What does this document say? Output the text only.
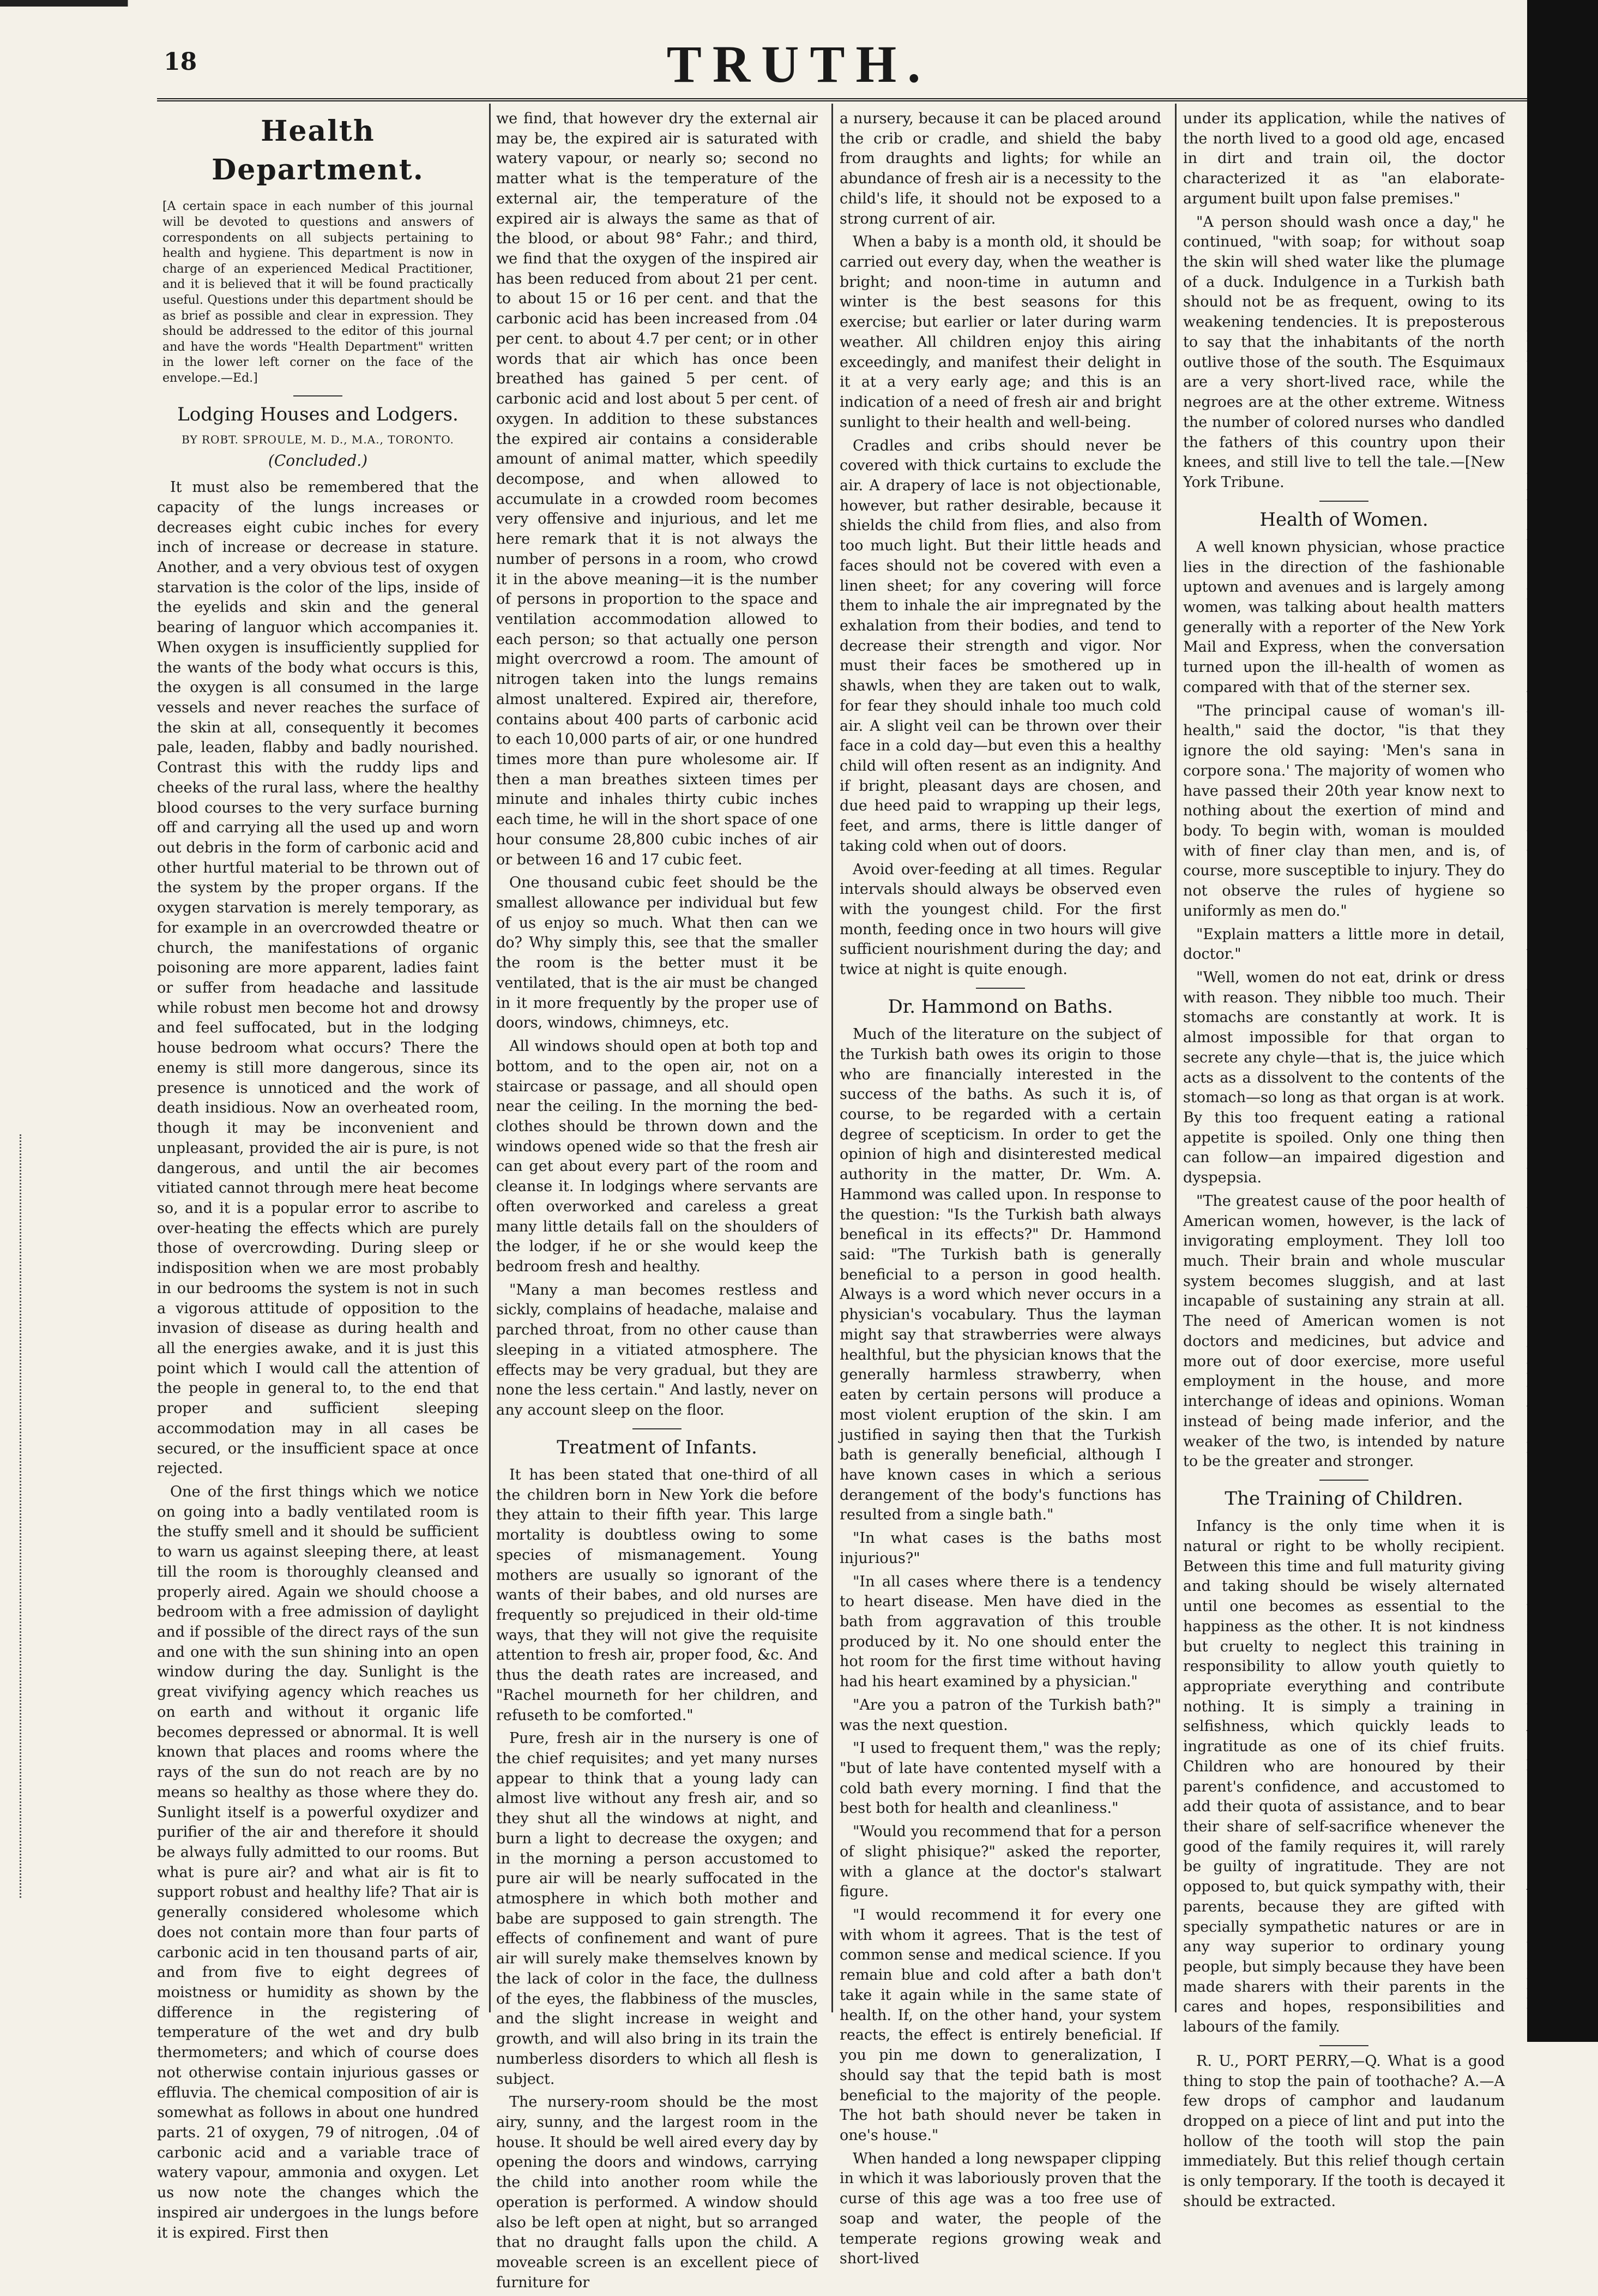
18	TRUTH.
Health Department.
[A certain space in each number of this journal will be devoted to questions and answers of correspondents on all subjects pertaining to health and hygiene. This department is now in charge of an experienced Medical Practitioner, and it is believed that it will be found practically useful. Questions under this department should be as brief as possible and clear in expression. They should be addressed to the editor of this journal and have the words "Health Department" written in the lower left corner on the face of the envelope.—Ed.]
Lodging Houses and Lodgers.
BY ROBT. SPROULE, M. D., M.A., TORONTO.
(Concluded.)

It must also be remembered that the capacity of the lungs increases or decreases eight cubic inches for every inch of increase or decrease in stature. Another, and a very obvious test of oxygen starvation is the color of the lips, inside of the eyelids and skin and the general bearing of languor which accompanies it. When oxygen is insufficiently supplied for the wants of the body what occurs is this, the oxygen is all consumed in the large vessels and never reaches the surface of the skin at all, consequently it becomes pale, leaden, flabby and badly nourished. Contrast this with the ruddy lips and cheeks of the rural lass, where the healthy blood courses to the very surface burning off and carrying all the used up and worn out debris in the form of carbonic acid and other hurtful material to be thrown out of the system by the proper organs. If the oxygen starvation is merely temporary, as for example in an overcrowded theatre or church, the manifestations of organic poisoning are more apparent, ladies faint or suffer from headache and lassitude while robust men become hot and drowsy and feel suffocated, but in the lodging house bedroom what occurs? There the enemy is still more dangerous, since its presence is unnoticed and the work of death insidious. Now an overheated room, though it may be inconvenient and unpleasant, provided the air is pure, is not dangerous, and until the air becomes vitiated cannot through mere heat become so, and it is a popular error to ascribe to over-heating the effects which are purely those of overcrowding. During sleep or indisposition when we are most probably in our bedrooms the system is not in such a vigorous attitude of opposition to the invasion of disease as during health and all the energies awake, and it is just this point which I would call the attention of the people in general to, to the end that proper and sufficient sleeping accommodation may in all cases be secured, or the insufficient space at once rejected.

One of the first things which we notice on going into a badly ventilated room is the stuffy smell and it should be sufficient to warn us against sleeping there, at least till the room is thoroughly cleansed and properly aired. Again we should choose a bedroom with a free admission of daylight and if possible of the direct rays of the sun and one with the sun shining into an open window during the day. Sunlight is the great vivifying agency which reaches us on earth and without it organic life becomes depressed or abnormal. It is well known that places and rooms where the rays of the sun do not reach are by no means so healthy as those where they do. Sunlight itself is a powerful oxydizer and purifier of the air and therefore it should be always fully admitted to our rooms. But what is pure air? and what air is fit to support robust and healthy life? That air is generally considered wholesome which does not contain more than four parts of carbonic acid in ten thousand parts of air, and from five to eight degrees of moistness or humidity as shown by the difference in the registering of temperature of the wet and dry bulb thermometers; and which of course does not otherwise contain injurious gasses or effluvia. The chemical composition of air is somewhat as follows in about one hundred parts. 21 of oxygen, 79 of nitrogen, .04 of carbonic acid and a variable trace of watery vapour, ammonia and oxygen. Let us now note the changes which the inspired air undergoes in the lungs before it is expired. First then

we find, that however dry the external air may be, the expired air is saturated with watery vapour, or nearly so; second no matter what is the temperature of the external air, the temperature of the expired air is always the same as that of the blood, or about 98° Fahr.; and third, we find that the oxygen of the inspired air has been reduced from about 21 per cent. to about 15 or 16 per cent. and that the carbonic acid has been increased from .04 per cent. to about 4.7 per cent; or in other words that air which has once been breathed has gained 5 per cent. of carbonic acid and lost about 5 per cent. of oxygen. In addition to these substances the expired air contains a considerable amount of animal matter, which speedily decompose, and when allowed to accumulate in a crowded room becomes very offensive and injurious, and let me here remark that it is not always the number of persons in a room, who crowd it in the above meaning—it is the number of persons in proportion to the space and ventilation accommodation allowed to each person; so that actually one person might overcrowd a room. The amount of nitrogen taken into the lungs remains almost unaltered. Expired air, therefore, contains about 400 parts of carbonic acid to each 10,000 parts of air, or one hundred times more than pure wholesome air. If then a man breathes sixteen times per minute and inhales thirty cubic inches each time, he will in the short space of one hour consume 28,800 cubic inches of air or between 16 and 17 cubic feet.

One thousand cubic feet should be the smallest allowance per individual but few of us enjoy so much. What then can we do? Why simply this, see that the smaller the room is the better must it be ventilated, that is the air must be changed in it more frequently by the proper use of doors, windows, chimneys, etc.

All windows should open at both top and bottom, and to the open air, not on a staircase or passage, and all should open near the ceiling. In the morning the bed-clothes should be thrown down and the windows opened wide so that the fresh air can get about every part of the room and cleanse it. In lodgings where servants are often overworked and careless a great many little details fall on the shoulders of the lodger, if he or she would keep the bedroom fresh and healthy.

"Many a man becomes restless and sickly, complains of headache, malaise and parched throat, from no other cause than sleeping in a vitiated atmosphere. The effects may be very gradual, but they are none the less certain." And lastly, never on any account sleep on the floor.

Treatment of Infants.

It has been stated that one-third of all the children born in New York die before they attain to their fifth year. This large mortality is doubtless owing to some species of mismanagement. Young mothers are usually so ignorant of the wants of their babes, and old nurses are frequently so prejudiced in their old-time ways, that they will not give the requisite attention to fresh air, proper food, &c. And thus the death rates are increased, and "Rachel mourneth for her children, and refuseth to be comforted."

Pure, fresh air in the nursery is one of the chief requisites; and yet many nurses appear to think that a young lady can almost live without any fresh air, and so they shut all the windows at night, and burn a light to decrease the oxygen; and in the morning a person accustomed to pure air will be nearly suffocated in the atmosphere in which both mother and babe are supposed to gain strength. The effects of confinement and want of pure air will surely make themselves known by the lack of color in the face, the dullness of the eyes, the flabbiness of the muscles, and the slight increase in weight and growth, and will also bring in its train the numberless disorders to which all flesh is subject.

The nursery-room should be the most airy, sunny, and the largest room in the house. It should be well aired every day by opening the doors and windows, carrying the child into another room while the operation is performed. A window should also be left open at night, but so arranged that no draught falls upon the child. A moveable screen is an excellent piece of furniture for

a nursery, because it can be placed around the crib or cradle, and shield the baby from draughts and lights; for while an abundance of fresh air is a necessity to the child's life, it should not be exposed to a strong current of air.

When a baby is a month old, it should be carried out every day, when the weather is bright; and noon-time in autumn and winter is the best seasons for this exercise; but earlier or later during warm weather. All children enjoy this airing exceedingly, and manifest their delight in it at a very early age; and this is an indication of a need of fresh air and bright sunlight to their health and well-being.

Cradles and cribs should never be covered with thick curtains to exclude the air. A drapery of lace is not objectionable, however, but rather desirable, because it shields the child from flies, and also from too much light. But their little heads and faces should not be covered with even a linen sheet; for any covering will force them to inhale the air impregnated by the exhalation from their bodies, and tend to decrease their strength and vigor. Nor must their faces be smothered up in shawls, when they are taken out to walk, for fear they should inhale too much cold air. A slight veil can be thrown over their face in a cold day—but even this a healthy child will often resent as an indignity. And if bright, pleasant days are chosen, and due heed paid to wrapping up their legs, feet, and arms, there is little danger of taking cold when out of doors.

Avoid over-feeding at all times. Regular intervals should always be observed even with the youngest child. For the first month, feeding once in two hours will give sufficient nourishment during the day; and twice at night is quite enough.

Dr. Hammond on Baths.

Much of the literature on the subject of the Turkish bath owes its origin to those who are financially interested in the success of the baths. As such it is, of course, to be regarded with a certain degree of scepticism. In order to get the opinion of high and disinterested medical authority in the matter, Dr. Wm. A. Hammond was called upon. In response to the question: "Is the Turkish bath always benefical in its effects?" Dr. Hammond said: "The Turkish bath is generally beneficial to a person in good health. Always is a word which never occurs in a physician's vocabulary. Thus the layman might say that strawberries were always healthful, but the physician knows that the generally harmless strawberry, when eaten by certain persons will produce a most violent eruption of the skin. I am justified in saying then that the Turkish bath is generally beneficial, although I have known cases in which a serious derangement of the body's functions has resulted from a single bath."

"In what cases is the baths most injurious?"

"In all cases where there is a tendency to heart disease. Men have died in the bath from aggravation of this trouble produced by it. No one should enter the hot room for the first time without having had his heart examined by a physician."

"Are you a patron of the Turkish bath?" was the next question.

"I used to frequent them," was the reply; "but of late have contented myself with a cold bath every morning. I find that the best both for health and cleanliness."

"Would you recommend that for a person of slight phisique?" asked the reporter, with a glance at the doctor's stalwart figure.

"I would recommend it for every one with whom it agrees. That is the test of common sense and medical science. If you remain blue and cold after a bath don't take it again while in the same state of health. If, on the other hand, your system reacts, the effect is entirely beneficial. If you pin me down to generalization, I should say that the tepid bath is most beneficial to the majority of the people. The hot bath should never be taken in one's house."

When handed a long newspaper clipping in which it was laboriously proven that the curse of this age was a too free use of soap and water, the people of the temperate regions growing weak and short-lived

under its application, while the natives of the north lived to a good old age, encased in dirt and train oil, the doctor characterized it as "an elaborate-argument built upon false premises."

"A person should wash once a day," he continued, "with soap; for without soap the skin will shed water like the plumage of a duck. Indulgence in a Turkish bath should not be as frequent, owing to its weakening tendencies. It is preposterous to say that the inhabitants of the north outlive those of the south. The Esquimaux are a very short-lived race, while the negroes are at the other extreme. Witness the number of colored nurses who dandled the fathers of this country upon their knees, and still live to tell the tale.—[New York Tribune.

Health of Women.

A well known physician, whose practice lies in the direction of the fashionable uptown and avenues and is largely among women, was talking about health matters generally with a reporter of the New York Mail and Express, when the conversation turned upon the ill-health of women as compared with that of the sterner sex.

"The principal cause of woman's ill-health," said the doctor, "is that they ignore the old saying: 'Men's sana in corpore sona.' The majority of women who have passed their 20th year know next to nothing about the exertion of mind and body. To begin with, woman is moulded with of finer clay than men, and is, of course, more susceptible to injury. They do not observe the rules of hygiene so uniformly as men do."

"Explain matters a little more in detail, doctor."

"Well, women do not eat, drink or dress with reason. They nibble too much. Their stomachs are constantly at work. It is almost impossible for that organ to secrete any chyle—that is, the juice which acts as a dissolvent to the contents of the stomach—so long as that organ is at work. By this too frequent eating a rational appetite is spoiled. Only one thing then can follow—an impaired digestion and dyspepsia.

"The greatest cause of the poor health of American women, however, is the lack of invigorating employment. They loll too much. Their brain and whole muscular system becomes sluggish, and at last incapable of sustaining any strain at all. The need of American women is not doctors and medicines, but advice and more out of door exercise, more useful employment in the house, and more interchange of ideas and opinions. Woman instead of being made inferior, and the weaker of the two, is intended by nature to be the greater and stronger.

The Training of Children.

Infancy is the only time when it is natural or right to be wholly recipient. Between this time and full maturity giving and taking should be wisely alternated until one becomes as essential to the happiness as the other. It is not kindness but cruelty to neglect this training in responsibility to allow youth quietly to appropriate everything and contribute nothing. It is simply a training in selfishness, which quickly leads to ingratitude as one of its chief fruits. Children who are honoured by their parent's confidence, and accustomed to add their quota of assistance, and to bear their share of self-sacrifice whenever the good of the family requires it, will rarely be guilty of ingratitude. They are not opposed to, but quick sympathy with, their parents, because they are gifted with specially sympathetic natures or are in any way superior to ordinary young people, but simply because they have been made sharers with their parents in the cares and hopes, responsibilities and labours of the family.

R. U., PORT PERRY,—Q. What is a good thing to stop the pain of toothache? A.—A few drops of camphor and laudanum dropped on a piece of lint and put into the hollow of the tooth will stop the pain immediately. But this relief though certain is only temporary. If the tooth is decayed it should be extracted.
